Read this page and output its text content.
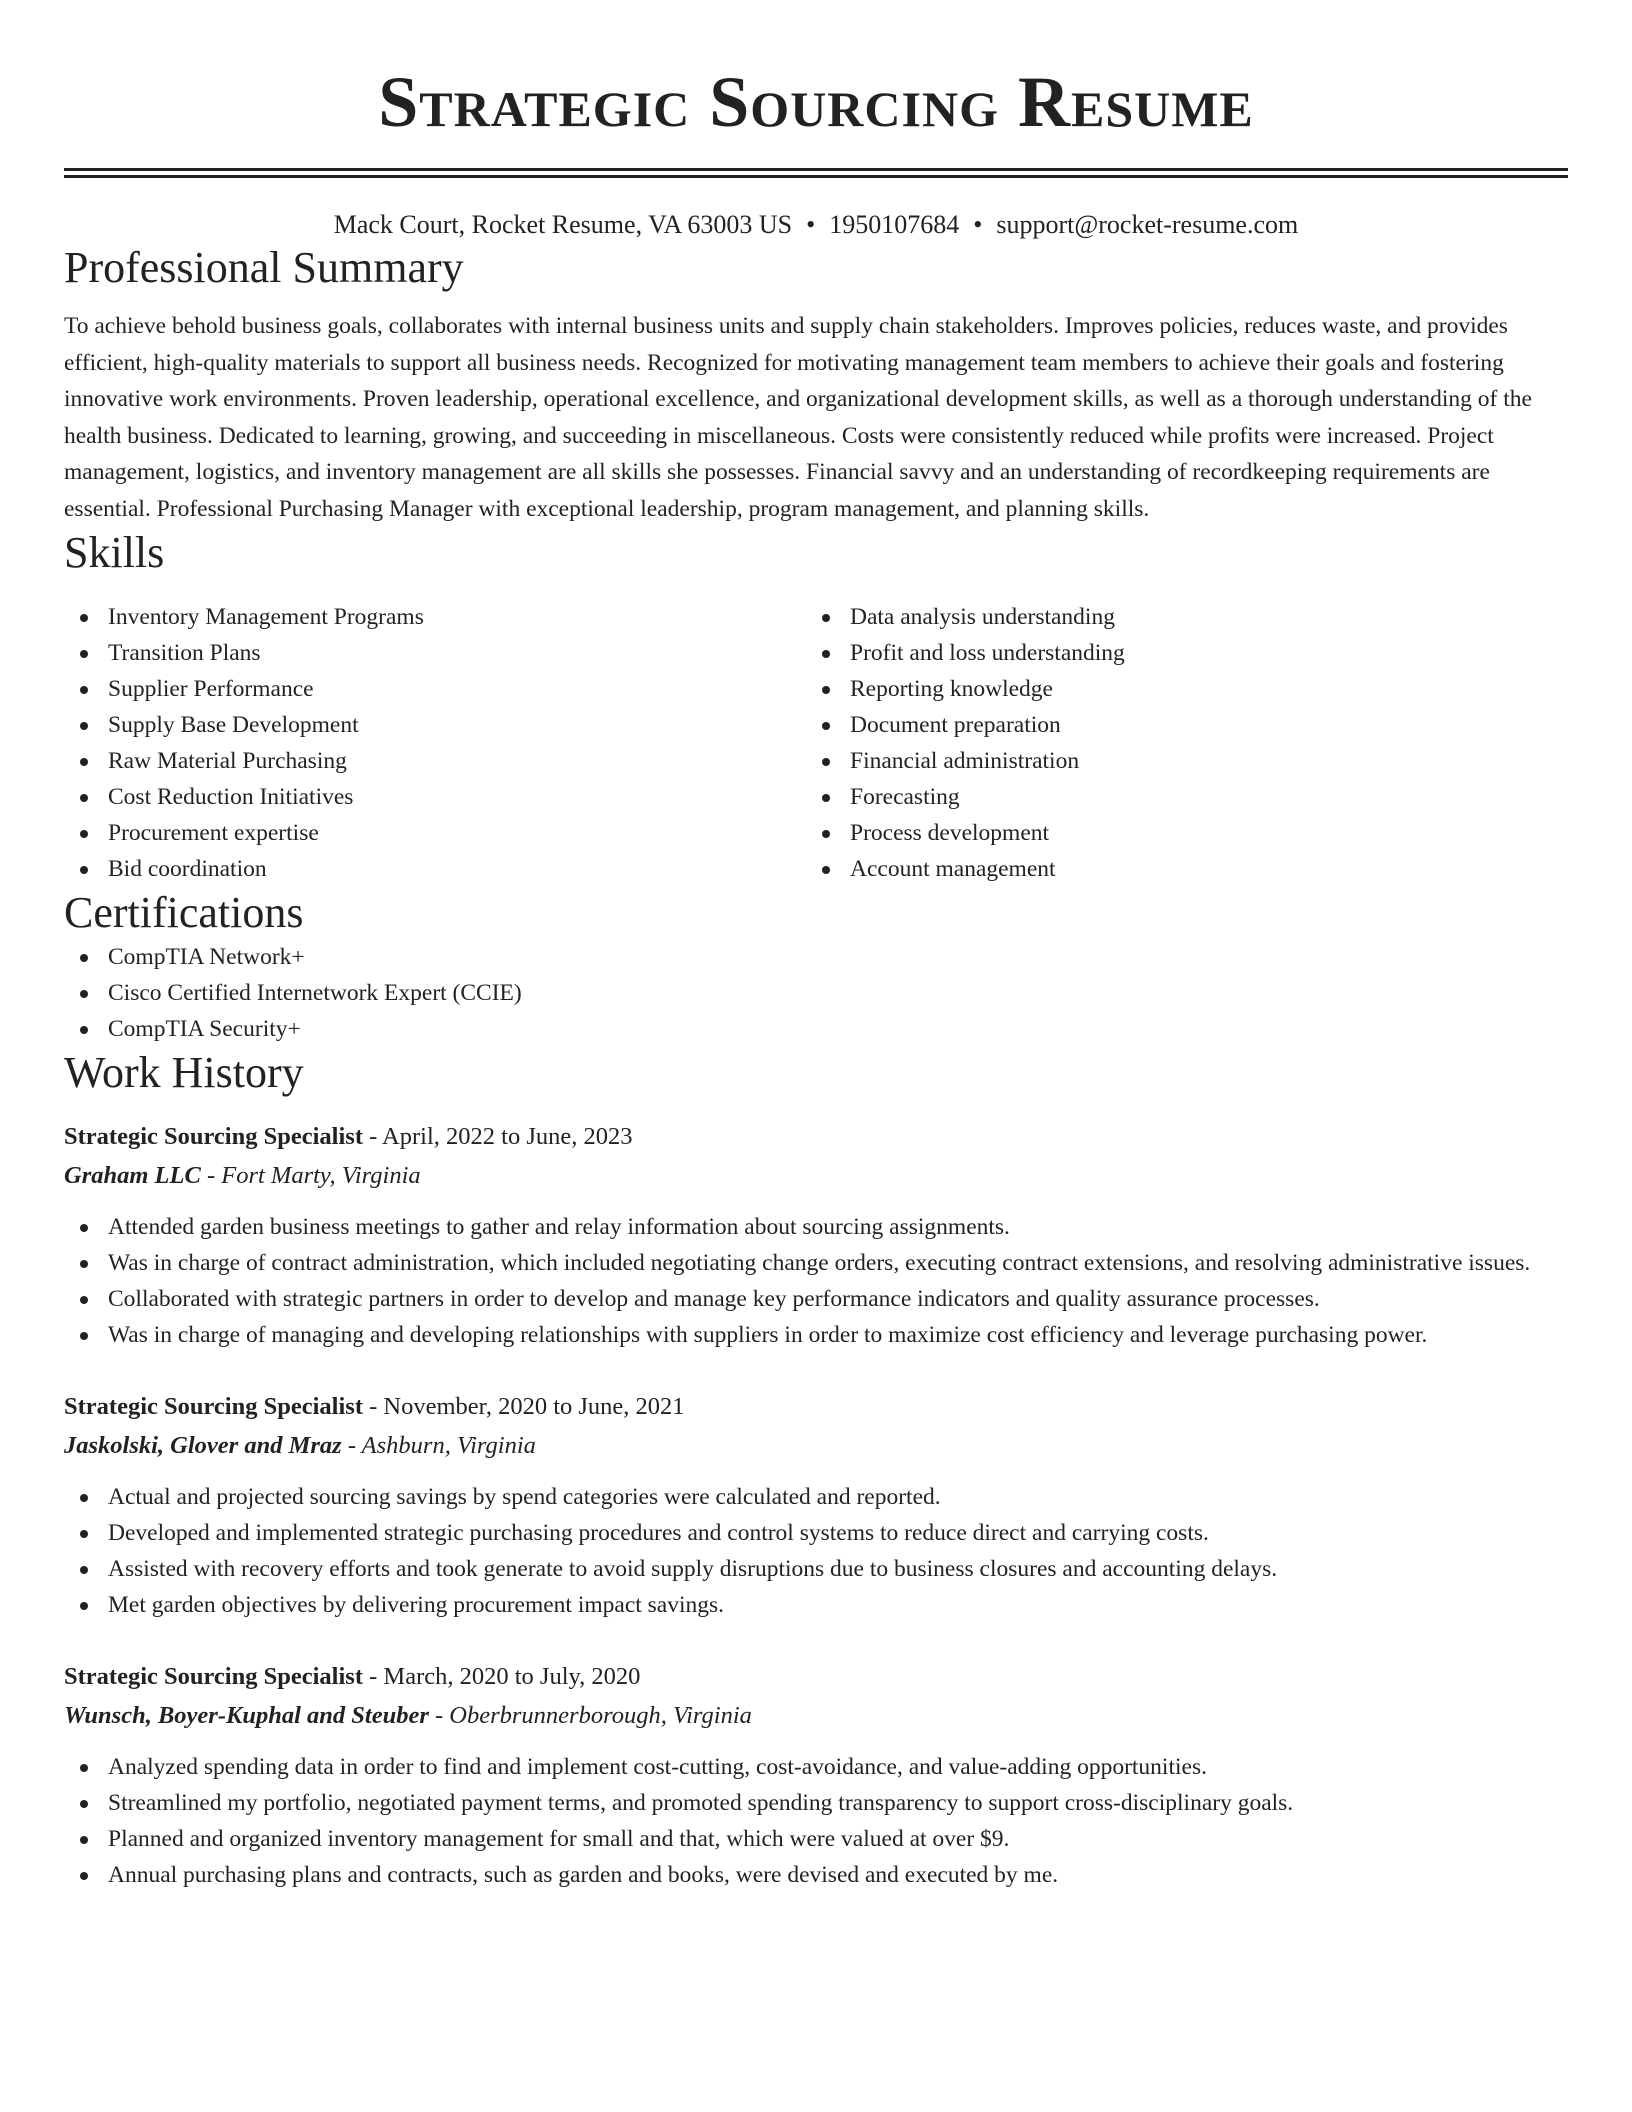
Strategic Sourcing Resume
Mack Court, Rocket Resume, VA 63003 US • 1950107684 • support@rocket-resume.com
Professional Summary

To achieve behold business goals, collaborates with internal business units and supply chain stakeholders. Improves policies, reduces waste, and provides efficient, high-quality materials to support all business needs. Recognized for motivating management team members to achieve their goals and fostering innovative work environments. Proven leadership, operational excellence, and organizational development skills, as well as a thorough understanding of the health business. Dedicated to learning, growing, and succeeding in miscellaneous. Costs were consistently reduced while profits were increased. Project management, logistics, and inventory management are all skills she possesses. Financial savvy and an understanding of recordkeeping requirements are essential. Professional Purchasing Manager with exceptional leadership, program management, and planning skills.

Skills
Inventory Management Programs
Transition Plans
Supplier Performance
Supply Base Development
Raw Material Purchasing
Cost Reduction Initiatives
Procurement expertise
Bid coordination
Data analysis understanding
Profit and loss understanding
Reporting knowledge
Document preparation
Financial administration
Forecasting
Process development
Account management
Certifications
CompTIA Network+
Cisco Certified Internetwork Expert (CCIE)
CompTIA Security+
Work History
Strategic Sourcing Specialist - April, 2022 to June, 2023
Graham LLC - Fort Marty, Virginia
Attended garden business meetings to gather and relay information about sourcing assignments.
Was in charge of contract administration, which included negotiating change orders, executing contract extensions, and resolving administrative issues.
Collaborated with strategic partners in order to develop and manage key performance indicators and quality assurance processes.
Was in charge of managing and developing relationships with suppliers in order to maximize cost efficiency and leverage purchasing power.
Strategic Sourcing Specialist - November, 2020 to June, 2021
Jaskolski, Glover and Mraz - Ashburn, Virginia
Actual and projected sourcing savings by spend categories were calculated and reported.
Developed and implemented strategic purchasing procedures and control systems to reduce direct and carrying costs.
Assisted with recovery efforts and took generate to avoid supply disruptions due to business closures and accounting delays.
Met garden objectives by delivering procurement impact savings.
Strategic Sourcing Specialist - March, 2020 to July, 2020
Wunsch, Boyer-Kuphal and Steuber - Oberbrunnerborough, Virginia
Analyzed spending data in order to find and implement cost-cutting, cost-avoidance, and value-adding opportunities.
Streamlined my portfolio, negotiated payment terms, and promoted spending transparency to support cross-disciplinary goals.
Planned and organized inventory management for small and that, which were valued at over $9.
Annual purchasing plans and contracts, such as garden and books, were devised and executed by me.
